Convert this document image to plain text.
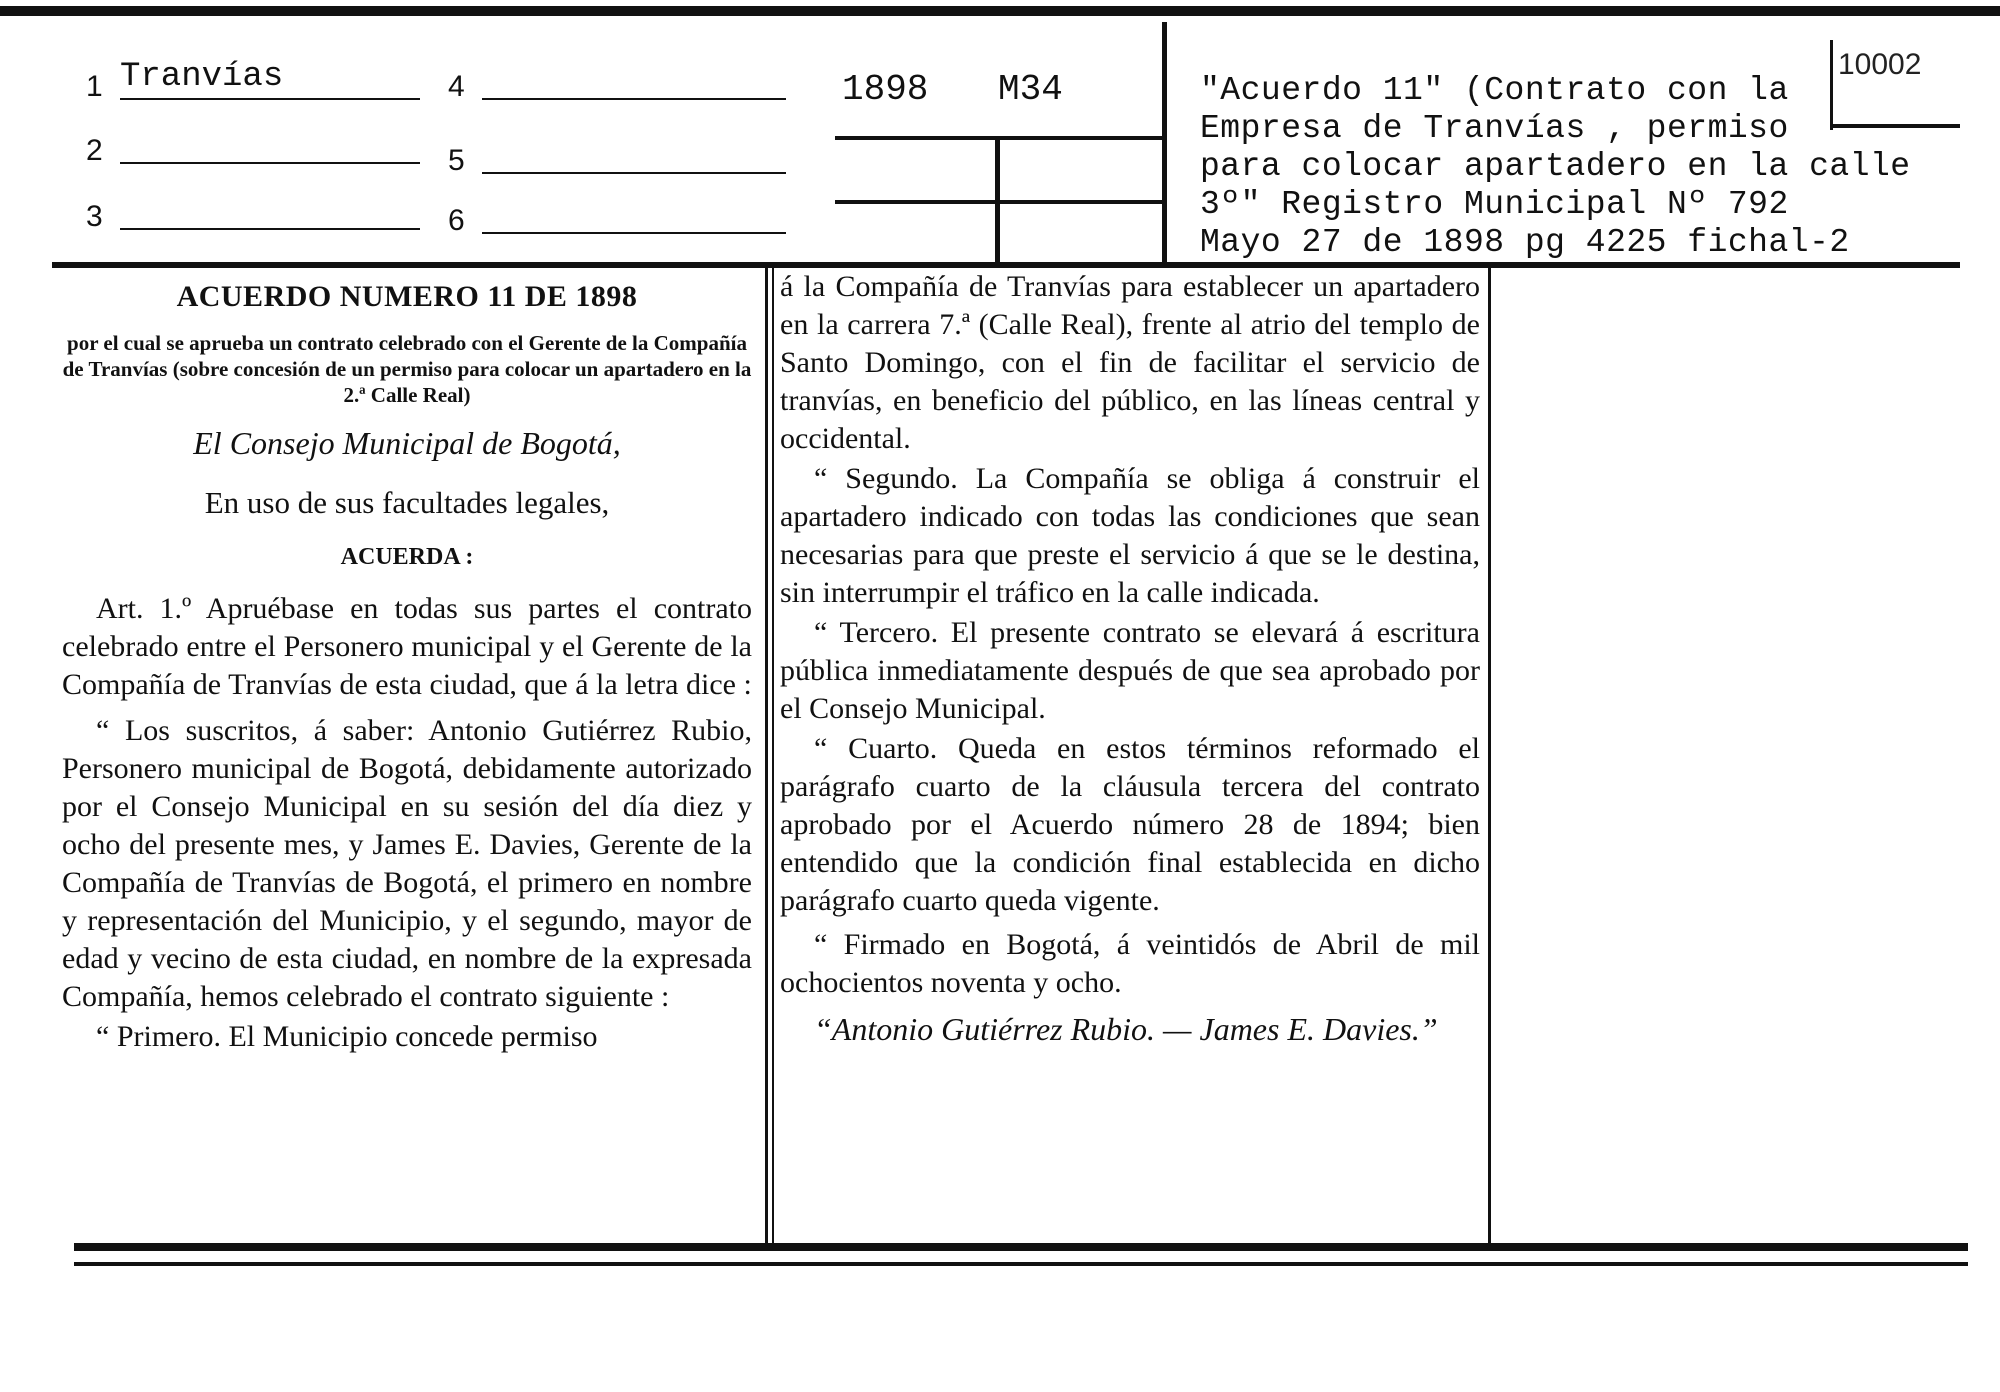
1 Tranvías
2
3
4
5
6
1898 M34
10002
"Acuerdo 11" (Contrato con la
Empresa de Tranvías , permiso
para colocar apartadero en la calle
3º" Registro Municipal Nº 792
Mayo 27 de 1898 pg 4225 fichal-2

ACUERDO NUMERO 11 DE 1898

por el cual se aprueba un contrato celebrado con el Gerente de la Compañía de Tranvías (sobre concesión de un permiso para colocar un apartadero en la 2.ª Calle Real)

El Consejo Municipal de Bogotá,

En uso de sus facultades legales,

ACUERDA :

Art. 1.º Apruébase en todas sus partes el contrato celebrado entre el Personero municipal y el Gerente de la Compañía de Tranvías de esta ciudad, que á la letra dice :

“ Los suscritos, á saber: Antonio Gutiérrez Rubio, Personero municipal de Bogotá, debidamente autorizado por el Consejo Municipal en su sesión del día diez y ocho del presente mes, y James E. Davies, Gerente de la Compañía de Tranvías de Bogotá, el primero en nombre y representación del Municipio, y el segundo, mayor de edad y vecino de esta ciudad, en nombre de la expresada Compañía, hemos celebrado el contrato siguiente :

“ Primero. El Municipio concede permiso

á la Compañía de Tranvías para establecer un apartadero en la carrera 7.ª (Calle Real), frente al atrio del templo de Santo Domingo, con el fin de facilitar el servicio de tranvías, en beneficio del público, en las líneas central y occidental.

“ Segundo. La Compañía se obliga á construir el apartadero indicado con todas las condiciones que sean necesarias para que preste el servicio á que se le destina, sin interrumpir el tráfico en la calle indicada.

“ Tercero. El presente contrato se elevará á escritura pública inmediatamente después de que sea aprobado por el Consejo Municipal.

“ Cuarto. Queda en estos términos reformado el parágrafo cuarto de la cláusula tercera del contrato aprobado por el Acuerdo número 28 de 1894; bien entendido que la condición final establecida en dicho parágrafo cuarto queda vigente.

“ Firmado en Bogotá, á veintidós de Abril de mil ochocientos noventa y ocho.

“Antonio Gutiérrez Rubio. — James E. Davies.”
